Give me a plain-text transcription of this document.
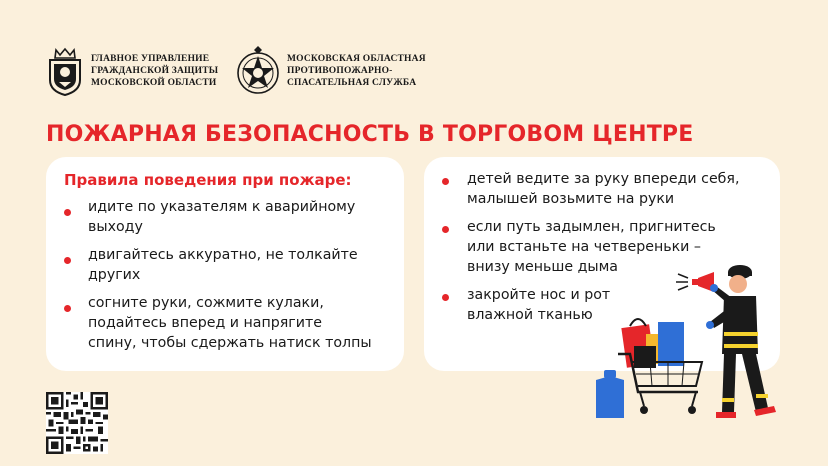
ГЛАВНОЕ УПРАВЛЕНИЕ
ГРАЖДАНСКОЙ ЗАЩИТЫ
МОСКОВСКОЙ ОБЛАСТИ
МОСКОВСКАЯ ОБЛАСТНАЯ
ПРОТИВОПОЖАРНО-
СПАСАТЕЛЬНАЯ СЛУЖБА
ПОЖАРНАЯ БЕЗОПАСНОСТЬ В ТОРГОВОМ ЦЕНТРЕ
Правила поведения при пожаре:
идите по указателям к аварийному
выходу
двигайтесь аккуратно, не толкайте
других
согните руки, сожмите кулаки,
подайтесь вперед и напрягите
спину, чтобы сдержать натиск толпы
детей ведите за руку впереди себя,
малышей возьмите на руки
если путь задымлен, пригнитесь
или встаньте на четвереньки –
внизу меньше дыма
закройте нос и рот
влажной тканью
